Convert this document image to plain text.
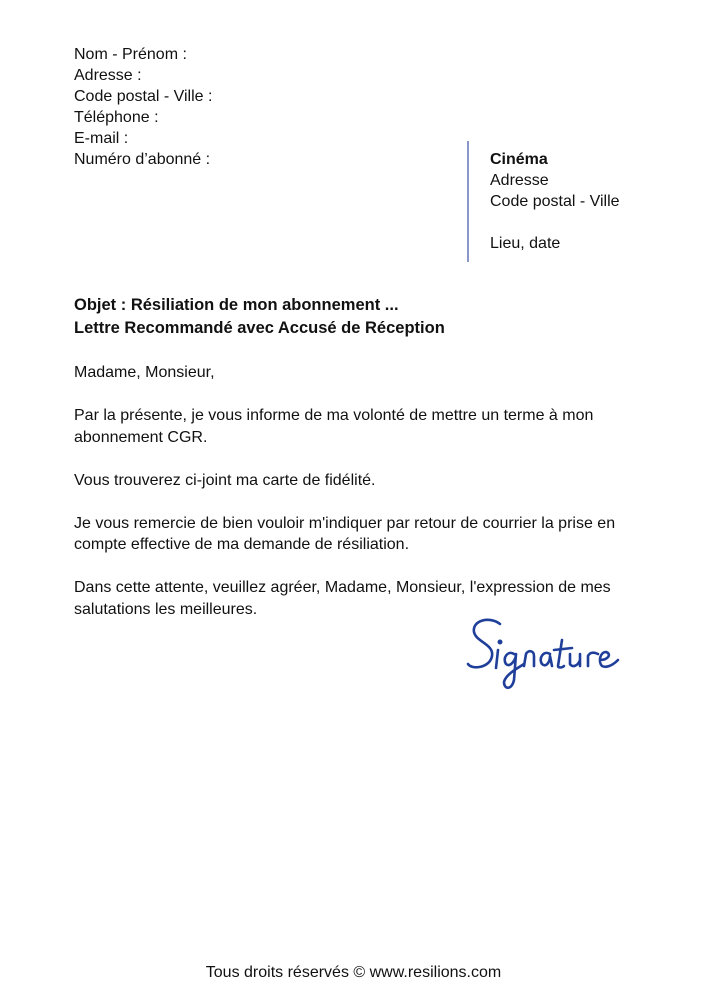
Nom - Prénom :
Adresse :
Code postal - Ville :
Téléphone :
E-mail :
Numéro d’abonné :	Cinéma
Adresse
Code postal - Ville
Lieu, date
Objet : Résiliation de mon abonnement ...
Lettre Recommandé avec Accusé de Réception

Madame, Monsieur,

Par la présente, je vous informe de ma volonté de mettre un terme à mon abonnement CGR.

Vous trouverez ci-joint ma carte de fidélité.

Je vous remercie de bien vouloir m'indiquer par retour de courrier la prise en compte effective de ma demande de résiliation.

Dans cette attente, veuillez agréer, Madame, Monsieur, l'expression de mes salutations les meilleures.

Tous droits réservés © www.resilions.com
